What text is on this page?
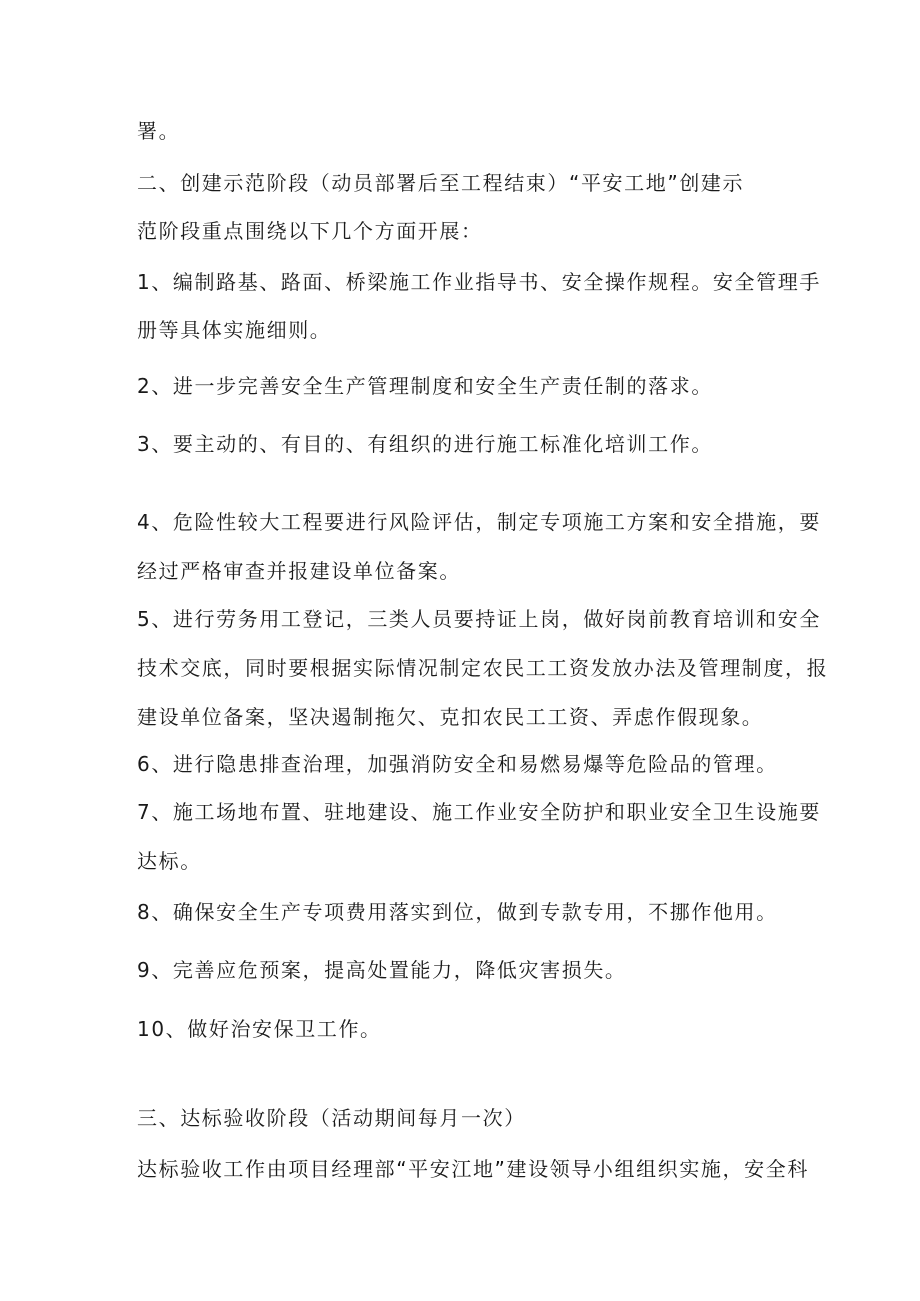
署。
二、创建示范阶段（动员部署后至工程结束）“平安工地”创建示
范阶段重点围绕以下几个方面开展：
1、编制路基、路面、桥梁施工作业指导书、安全操作规程。安全管理手
册等具体实施细则。
2、进一步完善安全生产管理制度和安全生产责任制的落求。
3、要主动的、有目的、有组织的进行施工标准化培训工作。
4、危险性较大工程要进行风险评估，制定专项施工方案和安全措施，要
经过严格审查并报建设单位备案。
5、进行劳务用工登记，三类人员要持证上岗，做好岗前教育培训和安全
技术交底，同时要根据实际情况制定农民工工资发放办法及管理制度，报
建设单位备案，坚决遏制拖欠、克扣农民工工资、弄虑作假现象。
6、进行隐患排查治理，加强消防安全和易燃易爆等危险品的管理。
7、施工场地布置、驻地建设、施工作业安全防护和职业安全卫生设施要
达标。
8、确保安全生产专项费用落实到位，做到专款专用，不挪作他用。
9、完善应危预案，提高处置能力，降低灾害损失。
10、做好治安保卫工作。
三、达标验收阶段（活动期间每月一次）
达标验收工作由项目经理部“平安江地”建设领导小组组织实施，安全科
